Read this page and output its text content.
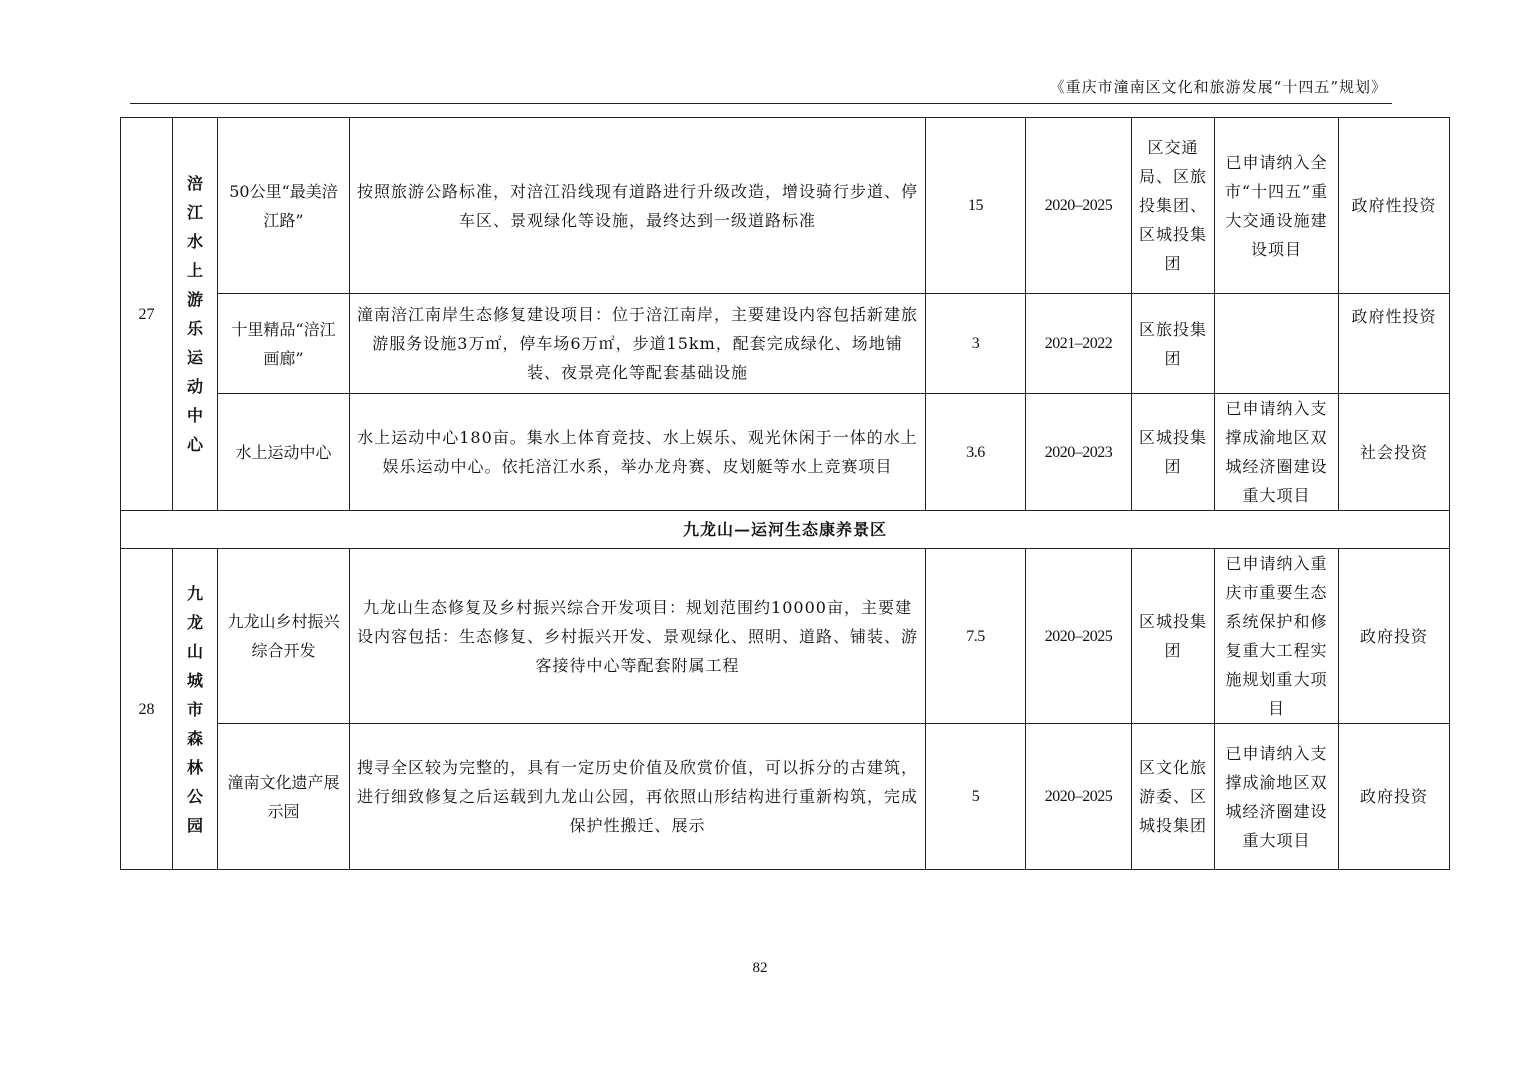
《重庆市潼南区文化和旅游发展“十四五”规划》
27	涪江水上游乐运动中心	50公里“最美涪江路”	按照旅游公路标准，对涪江沿线现有道路进行升级改造，增设骑行步道、停车区、景观绿化等设施，最终达到一级道路标准	15	2020–2025	区交通局、区旅投集团、区城投集团	已申请纳入全市“十四五”重大交通设施建设项目	政府性投资
		十里精品“涪江画廊”	潼南涪江南岸生态修复建设项目：位于涪江南岸，主要建设内容包括新建旅游服务设施3万㎡，停车场6万㎡，步道15km，配套完成绿化、场地铺装、夜景亮化等配套基础设施	3	2021–2022	区旅投集团		政府性投资
		水上运动中心	水上运动中心180亩。集水上体育竞技、水上娱乐、观光休闲于一体的水上娱乐运动中心。依托涪江水系，举办龙舟赛、皮划艇等水上竞赛项目	3.6	2020–2023	区城投集团	已申请纳入支撑成渝地区双城经济圈建设重大项目	社会投资
九龙山—运河生态康养景区								
28	九龙山城市森林公园	九龙山乡村振兴综合开发	九龙山生态修复及乡村振兴综合开发项目：规划范围约10000亩，主要建设内容包括：生态修复、乡村振兴开发、景观绿化、照明、道路、铺装、游客接待中心等配套附属工程	7.5	2020–2025	区城投集团	已申请纳入重庆市重要生态系统保护和修复重大工程实施规划重大项目	政府投资
		潼南文化遗产展示园	搜寻全区较为完整的，具有一定历史价值及欣赏价值，可以拆分的古建筑，进行细致修复之后运载到九龙山公园，再依照山形结构进行重新构筑，完成保护性搬迁、展示	5	2020–2025	区文化旅游委、区城投集团	已申请纳入支撑成渝地区双城经济圈建设重大项目	政府投资
82
